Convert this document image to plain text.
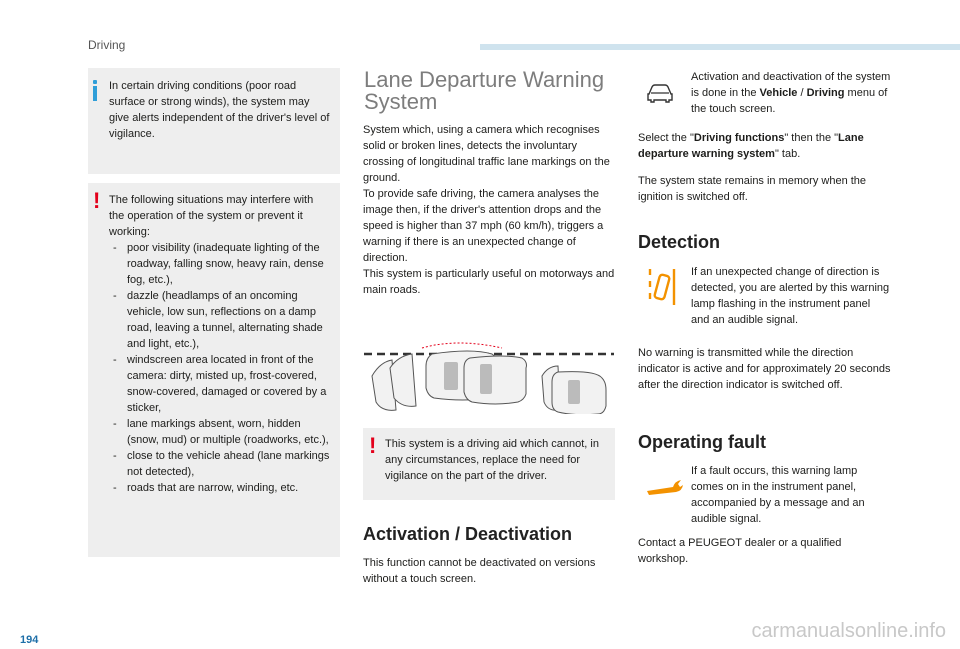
Driving

In certain driving conditions (poor road surface or strong winds), the system may give alerts independent of the driver's level of vigilance.

! The following situations may interfere with the operation of the system or prevent it working:

- poor visibility (inadequate lighting of the roadway, falling snow, heavy rain, dense fog, etc.),
- dazzle (headlamps of an oncoming vehicle, low sun, reflections on a damp road, leaving a tunnel, alternating shade and light, etc.),
- windscreen area located in front of the camera: dirty, misted up, frost-covered, snow-covered, damaged or covered by a sticker,
- lane markings absent, worn, hidden (snow, mud) or multiple (roadworks, etc.),
- close to the vehicle ahead (lane markings not detected),
- roads that are narrow, winding, etc.
Lane Departure Warning
System

System which, using a camera which recognises solid or broken lines, detects the involuntary crossing of longitudinal traffic lane markings on the ground.

To provide safe driving, the camera analyses the image then, if the driver's attention drops and the speed is higher than 37 mph (60 km/h), triggers a warning if there is an unexpected change of direction.

This system is particularly useful on motorways and main roads.

! This system is a driving aid which cannot, in any circumstances, replace the need for vigilance on the part of the driver.

Activation / Deactivation

This function cannot be deactivated on versions without a touch screen.

Activation and deactivation of the system is done in the Vehicle / Driving menu of the touch screen.

Select the "Driving functions" then the "Lane departure warning system" tab.

The system state remains in memory when the ignition is switched off.

Detection

If an unexpected change of direction is detected, you are alerted by this warning lamp flashing in the instrument panel and an audible signal.

No warning is transmitted while the direction indicator is active and for approximately 20 seconds after the direction indicator is switched off.

Operating fault

If a fault occurs, this warning lamp comes on in the instrument panel, accompanied by a message and an audible signal.

Contact a PEUGEOT dealer or a qualified workshop.

194	carmanualsonline.info
